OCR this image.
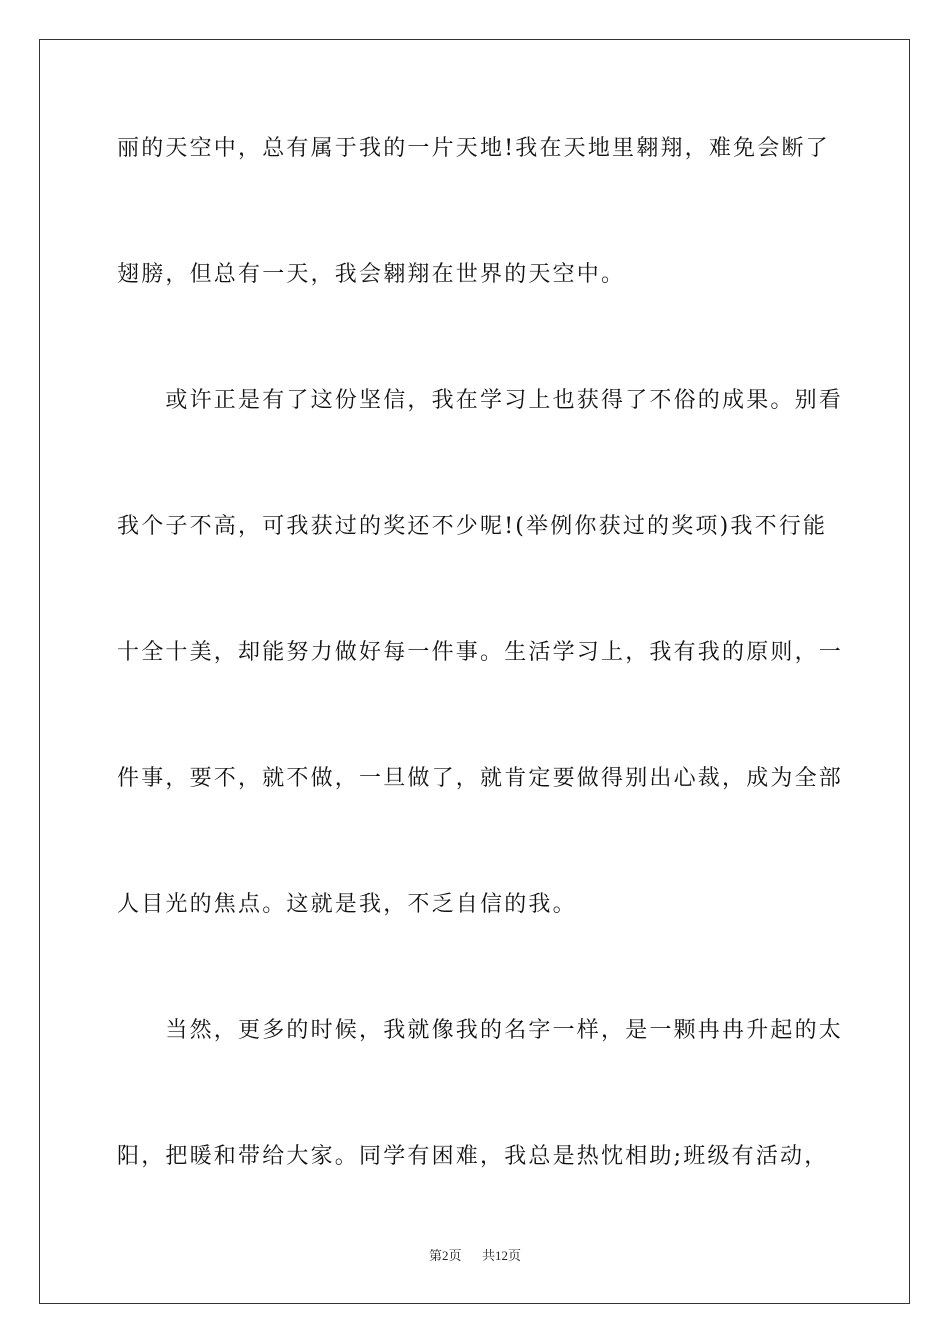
丽的天空中，总有属于我的一片天地!我在天地里翱翔，难免会断了
翅膀，但总有一天，我会翱翔在世界的天空中。
　　或许正是有了这份坚信，我在学习上也获得了不俗的成果。别看
我个子不高，可我获过的奖还不少呢!(举例你获过的奖项)我不行能
十全十美，却能努力做好每一件事。生活学习上，我有我的原则，一
件事，要不，就不做，一旦做了，就肯定要做得别出心裁，成为全部
人目光的焦点。这就是我，不乏自信的我。
　　当然，更多的时候，我就像我的名字一样，是一颗冉冉升起的太
阳，把暖和带给大家。同学有困难，我总是热忱相助;班级有活动，
第2页 共12页
